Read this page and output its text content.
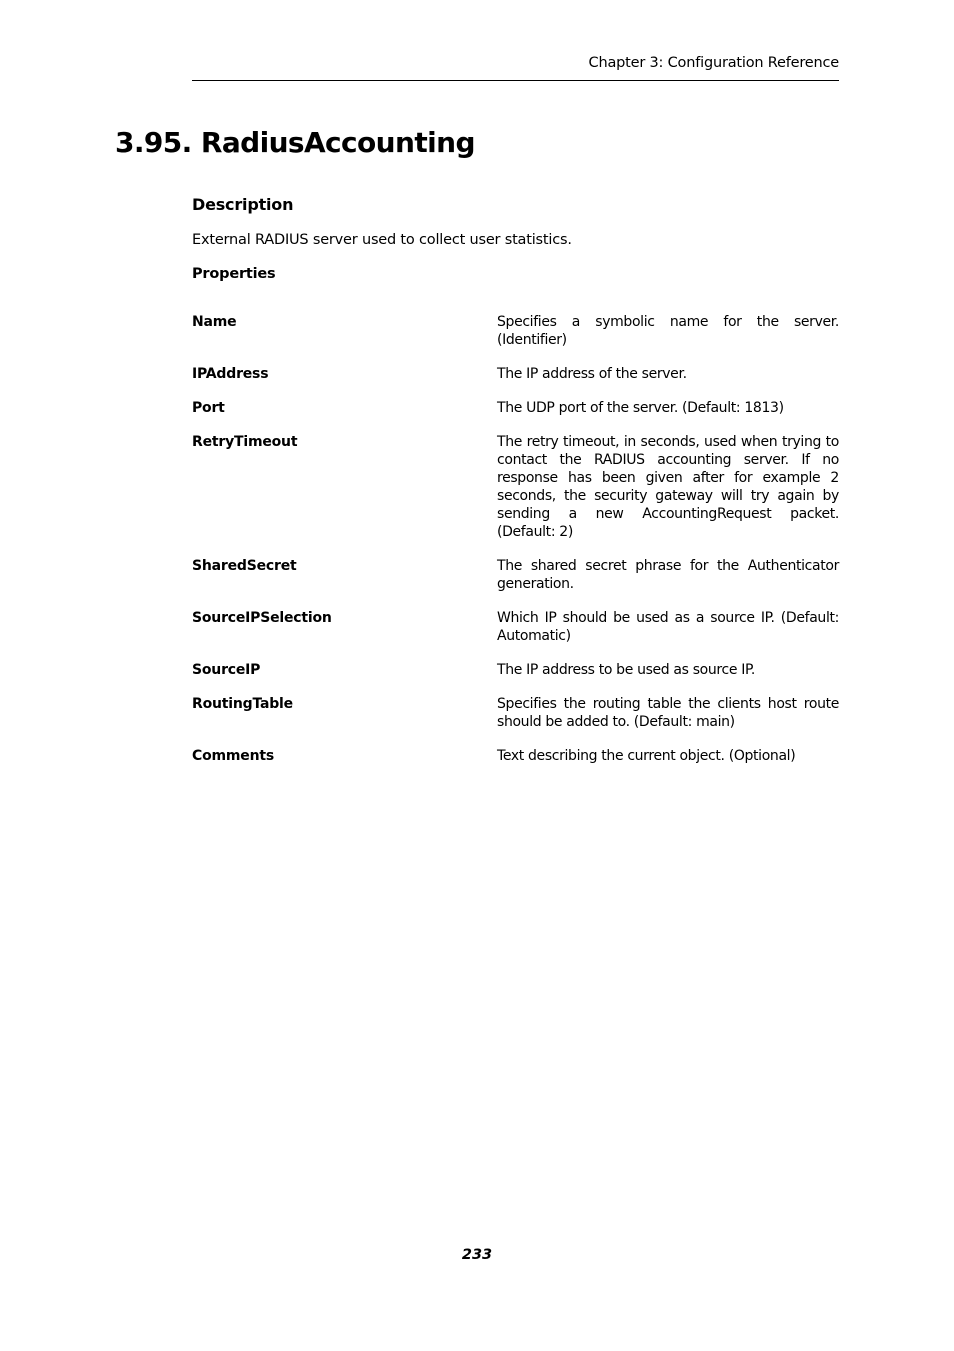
Chapter 3: Configuration Reference
3.95. RadiusAccounting
Description

External RADIUS server used to collect user statistics.

Properties
Name	Specifies a symbolic name for the server. (Identifier)
IPAddress	The IP address of the server.
Port	The UDP port of the server. (Default: 1813)
RetryTimeout	The retry timeout, in seconds, used when trying to contact the RADIUS accounting server. If no response has been given after for example 2 seconds, the security gateway will try again by sending a new AccountingRequest packet. (Default: 2)
SharedSecret	The shared secret phrase for the Authenticator generation.
SourceIPSelection	Which IP should be used as a source IP. (Default: Automatic)
SourceIP	The IP address to be used as source IP.
RoutingTable	Specifies the routing table the clients host route should be added to. (Default: main)
Comments	Text describing the current object. (Optional)
233
